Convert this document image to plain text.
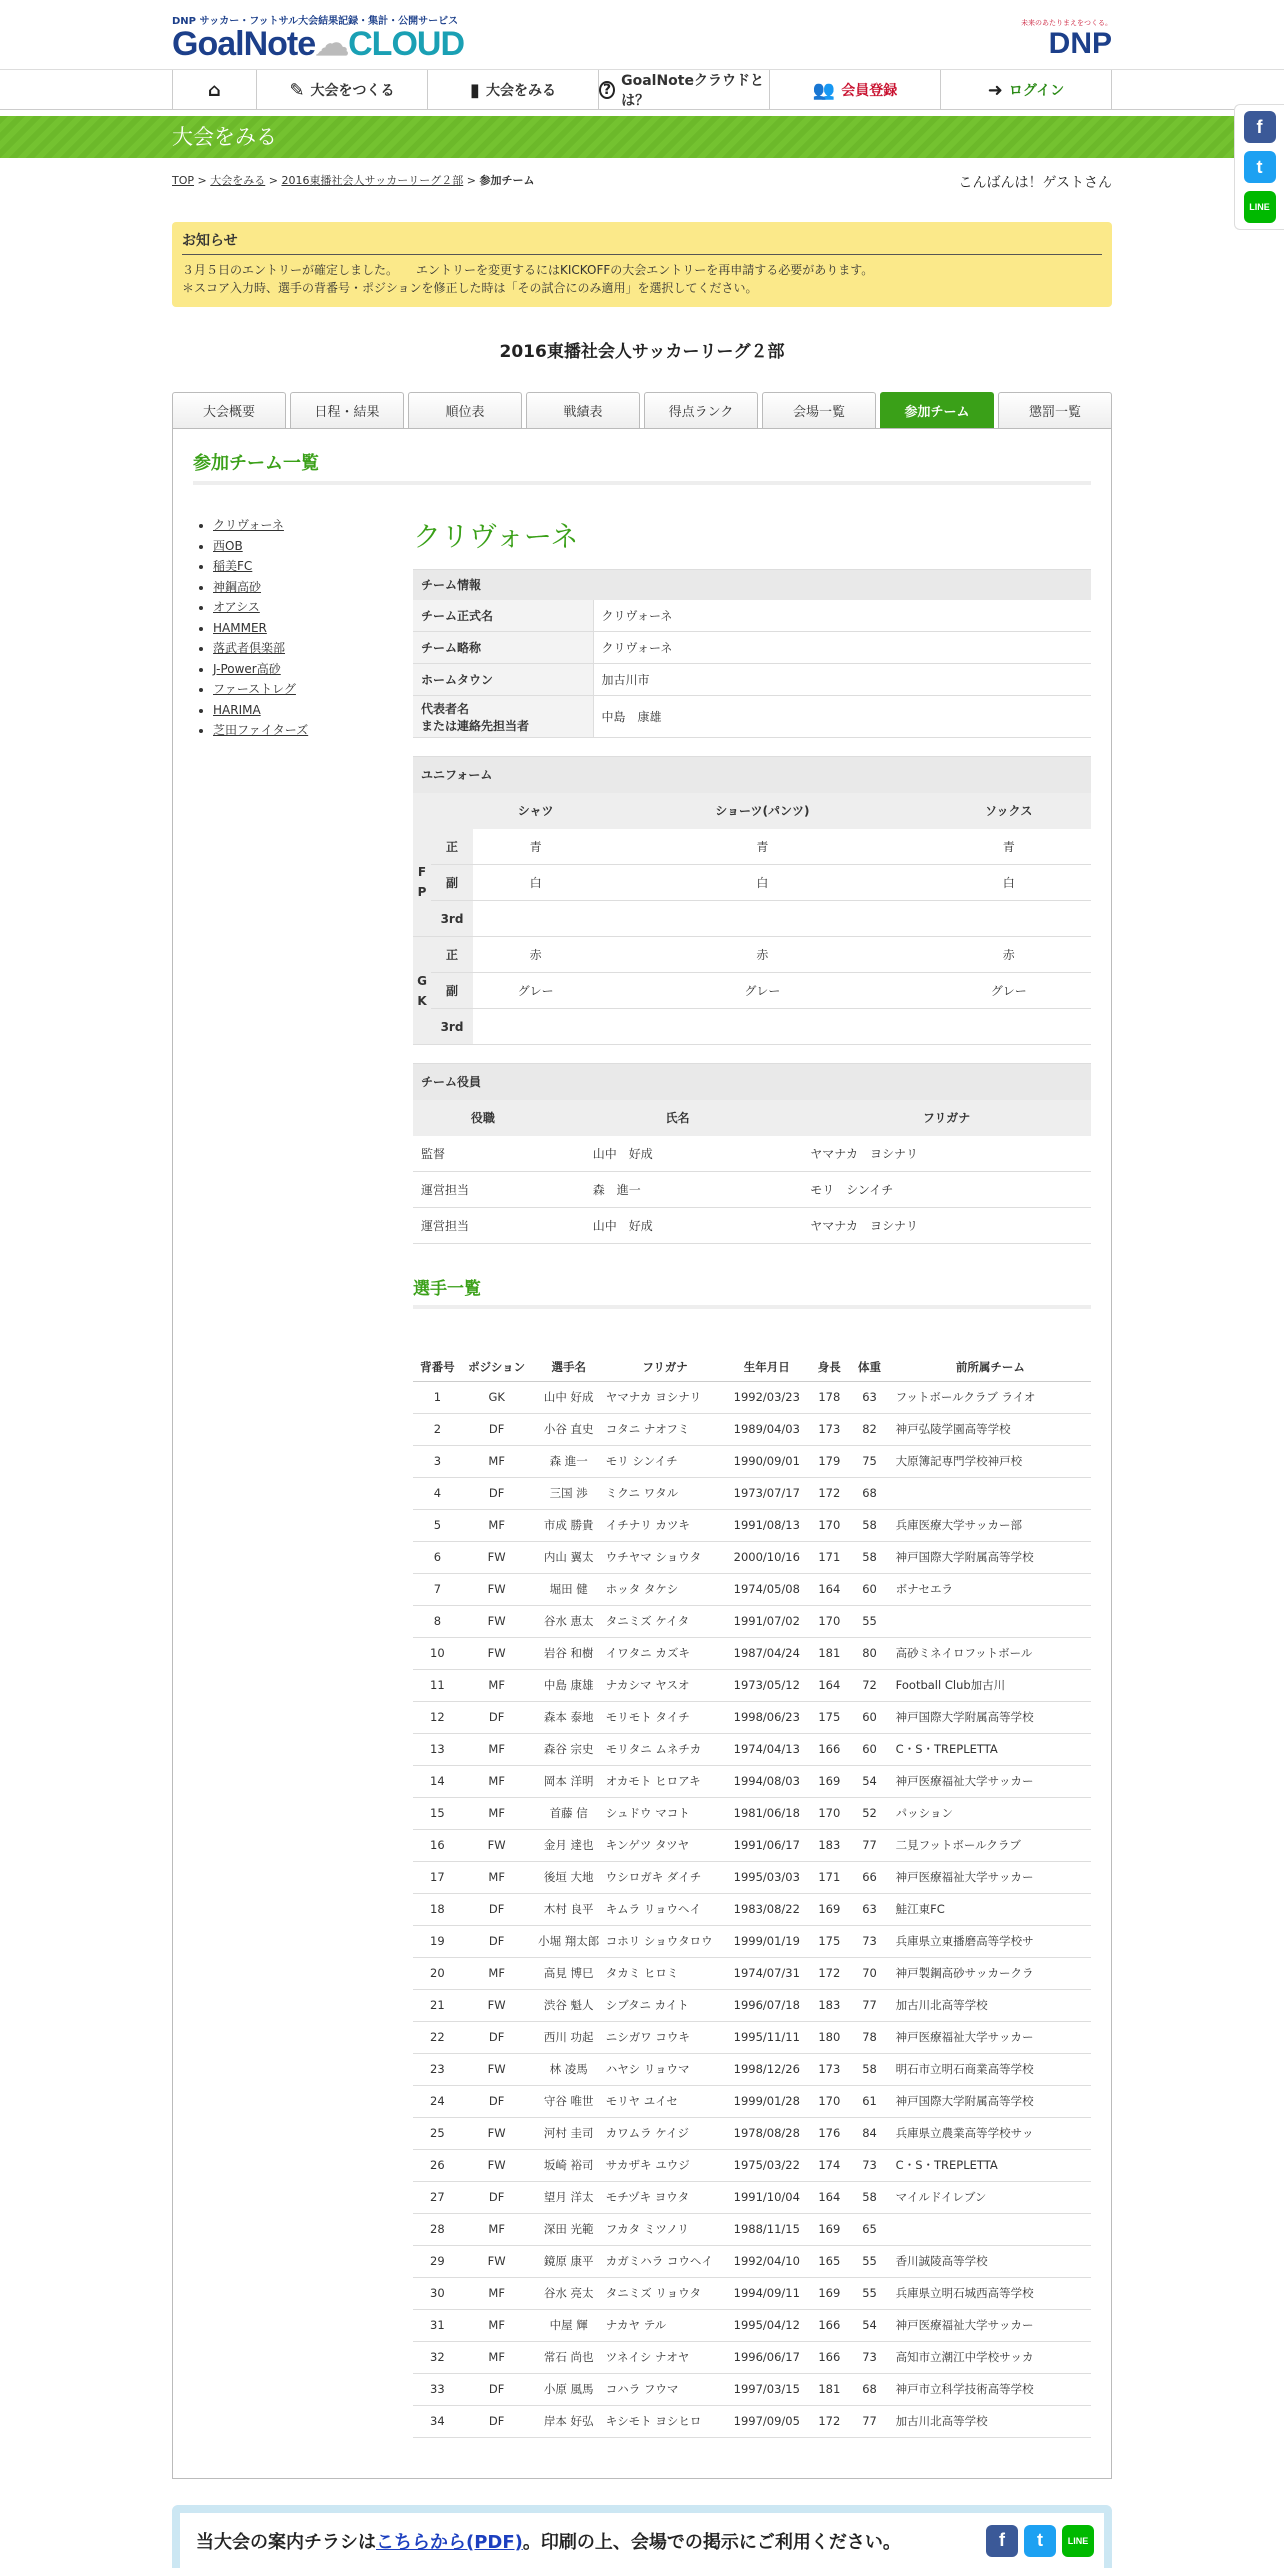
DNP サッカー・フットサル大会結果記録・集計・公開サービス
GoalNote☁CLOUD
未来のあたりまえをつくる。
DNP
⌂	✎ 大会をつくる	▮ 大会をみる	?
GoalNoteクラウドとは？
👥 会員登録	➜ ログイン
大会をみる	f
t
LINE
TOP > 大会をみる > 2016東播社会人サッカーリーグ２部 > 参加チーム	こんばんは！ゲストさん
お知らせ

３月５日のエントリーが確定しました。　　エントリーを変更するにはKICKOFFの大会エントリーを再申請する必要があります。

＊スコア入力時、選手の背番号・ポジションを修正した時は「その試合にのみ適用」を選択してください。

2016東播社会人サッカーリーグ２部
大会概要	日程・結果	順位表	戦績表	得点ランク	会場一覧	参加チーム	懲罰一覧
参加チーム一覧
• クリヴォーネ
• 西OB
• 稲美FC
• 神鋼高砂
• オアシス
• HAMMER
• 落武者倶楽部
• J-Power高砂
• ファーストレグ
• HARIMA
• 芝田ファイターズ
クリヴォーネ
チーム情報	
チーム正式名	クリヴォーネ
チーム略称	クリヴォーネ
ホームタウン	加古川市
代表者名
または連絡先担当者	中島　康雄
ユニフォーム				
		シャツ	ショーツ(パンツ)	ソックス
F P	正	青	青	青
	副	白	白	白
	3rd			
G K	正	赤	赤	赤
	副	グレー	グレー	グレー
	3rd			
チーム役員		
役職	氏名	フリガナ
監督	山中　好成	ヤマナカ　ヨシナリ
運営担当	森　進一	モリ　シンイチ
運営担当	山中　好成	ヤマナカ　ヨシナリ
選手一覧
背番号	ポジション	選手名	フリガナ	生年月日	身長	体重	前所属チーム
1	GK	山中 好成	ヤマナカ ヨシナリ	1992/03/23	178	63	フットボールクラブ ライオ
2	DF	小谷 直史	コタニ ナオフミ	1989/04/03	173	82	神戸弘陵学園高等学校
3	MF	森 進一	モリ シンイチ	1990/09/01	179	75	大原簿記専門学校神戸校
4	DF	三国 渉	ミクニ ワタル	1973/07/17	172	68	
5	MF	市成 勝貴	イチナリ カツキ	1991/08/13	170	58	兵庫医療大学サッカー部
6	FW	内山 翼太	ウチヤマ ショウタ	2000/10/16	171	58	神戸国際大学附属高等学校
7	FW	堀田 健	ホッタ タケシ	1974/05/08	164	60	ボナセエラ
8	FW	谷水 恵太	タニミズ ケイタ	1991/07/02	170	55	
10	FW	岩谷 和樹	イワタニ カズキ	1987/04/24	181	80	高砂ミネイロフットボール
11	MF	中島 康雄	ナカシマ ヤスオ	1973/05/12	164	72	Football Club加古川
12	DF	森本 泰地	モリモト タイチ	1998/06/23	175	60	神戸国際大学附属高等学校
13	MF	森谷 宗史	モリタニ ムネチカ	1974/04/13	166	60	C・S・TREPLETTA
14	MF	岡本 洋明	オカモト ヒロアキ	1994/08/03	169	54	神戸医療福祉大学サッカー
15	MF	首藤 信	シュドウ マコト	1981/06/18	170	52	パッション
16	FW	金月 達也	キンゲツ タツヤ	1991/06/17	183	77	二見フットボールクラブ
17	MF	後垣 大地	ウシロガキ ダイチ	1995/03/03	171	66	神戸医療福祉大学サッカー
18	DF	木村 良平	キムラ リョウヘイ	1983/08/22	169	63	鮭江東FC
19	DF	小堀 翔太郎	コホリ ショウタロウ	1999/01/19	175	73	兵庫県立東播磨高等学校サ
20	MF	高見 博巳	タカミ ヒロミ	1974/07/31	172	70	神戸製鋼高砂サッカークラ
21	FW	渋谷 魁人	シブタニ カイト	1996/07/18	183	77	加古川北高等学校
22	DF	西川 功起	ニシガワ コウキ	1995/11/11	180	78	神戸医療福祉大学サッカー
23	FW	林 凌馬	ハヤシ リョウマ	1998/12/26	173	58	明石市立明石商業高等学校
24	DF	守谷 唯世	モリヤ ユイセ	1999/01/28	170	61	神戸国際大学附属高等学校
25	FW	河村 圭司	カワムラ ケイジ	1978/08/28	176	84	兵庫県立農業高等学校サッ
26	FW	坂崎 裕司	サカザキ ユウジ	1975/03/22	174	73	C・S・TREPLETTA
27	DF	望月 洋太	モチヅキ ヨウタ	1991/10/04	164	58	マイルドイレブン
28	MF	深田 光範	フカタ ミツノリ	1988/11/15	169	65	
29	FW	鏡原 康平	カガミハラ コウヘイ	1992/04/10	165	55	香川誠陵高等学校
30	MF	谷水 亮太	タニミズ リョウタ	1994/09/11	169	55	兵庫県立明石城西高等学校
31	MF	中屋 輝	ナカヤ テル	1995/04/12	166	54	神戸医療福祉大学サッカー
32	MF	常石 尚也	ツネイシ ナオヤ	1996/06/17	166	73	高知市立潮江中学校サッカ
33	DF	小原 風馬	コハラ フウマ	1997/03/15	181	68	神戸市立科学技術高等学校
34	DF	岸本 好弘	キシモト ヨシヒロ	1997/09/05	172	77	加古川北高等学校
当大会の案内チラシはこちらから(PDF)。印刷の上、会場での掲示にご利用ください。	f	t	LINE
